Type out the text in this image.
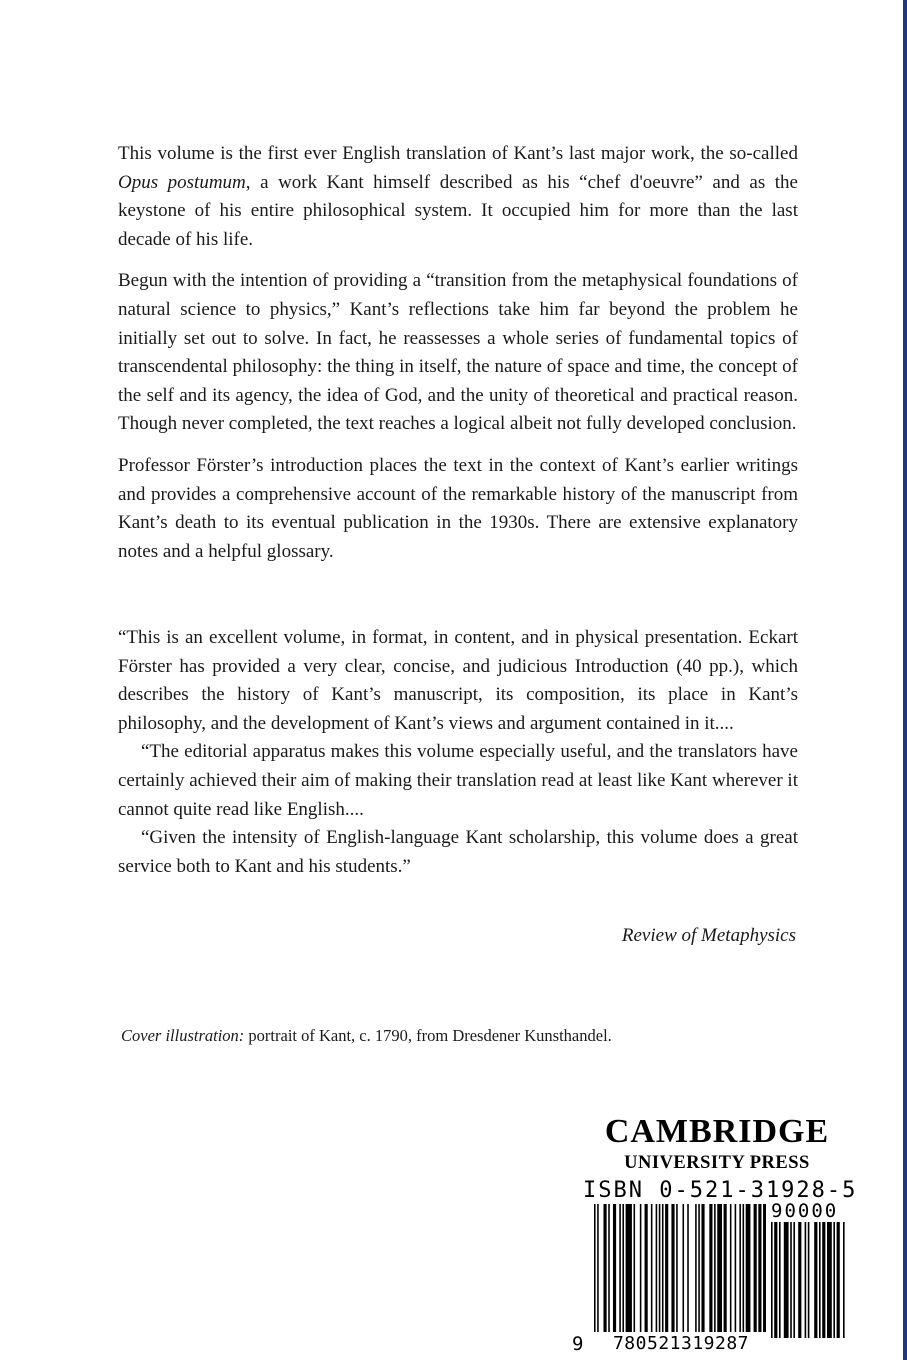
This volume is the first ever English translation of Kant’s last major work, the so-called Opus postumum, a work Kant himself described as his “chef d'oeuvre” and as the keystone of his entire philosophical system. It occupied him for more than the last decade of his life.

Begun with the intention of providing a “transition from the metaphysical foundations of natural science to physics,” Kant’s reflections take him far beyond the problem he initially set out to solve. In fact, he reassesses a whole series of fundamental topics of transcendental philosophy: the thing in itself, the nature of space and time, the concept of the self and its agency, the idea of God, and the unity of theoretical and practical reason. Though never completed, the text reaches a logical albeit not fully developed conclusion.

Professor Förster’s introduction places the text in the context of Kant’s earlier writings and provides a comprehensive account of the remarkable history of the manuscript from Kant’s death to its eventual publication in the 1930s. There are extensive explanatory notes and a helpful glossary.

“This is an excellent volume, in format, in content, and in physical presentation. Eckart Förster has provided a very clear, concise, and judicious Introduction (40 pp.), which describes the history of Kant’s manuscript, its composition, its place in Kant’s philosophy, and the development of Kant’s views and argument contained in it....

“The editorial apparatus makes this volume especially useful, and the translators have certainly achieved their aim of making their translation read at least like Kant wherever it cannot quite read like English....

“Given the intensity of English-language Kant scholarship, this volume does a great service both to Kant and his students.”

Review of Metaphysics
Cover illustration: portrait of Kant, c. 1790, from Dresdener Kunsthandel.
CAMBRIDGE
UNIVERSITY PRESS
ISBN 0-521-31928-5
90000
9	780521319287
